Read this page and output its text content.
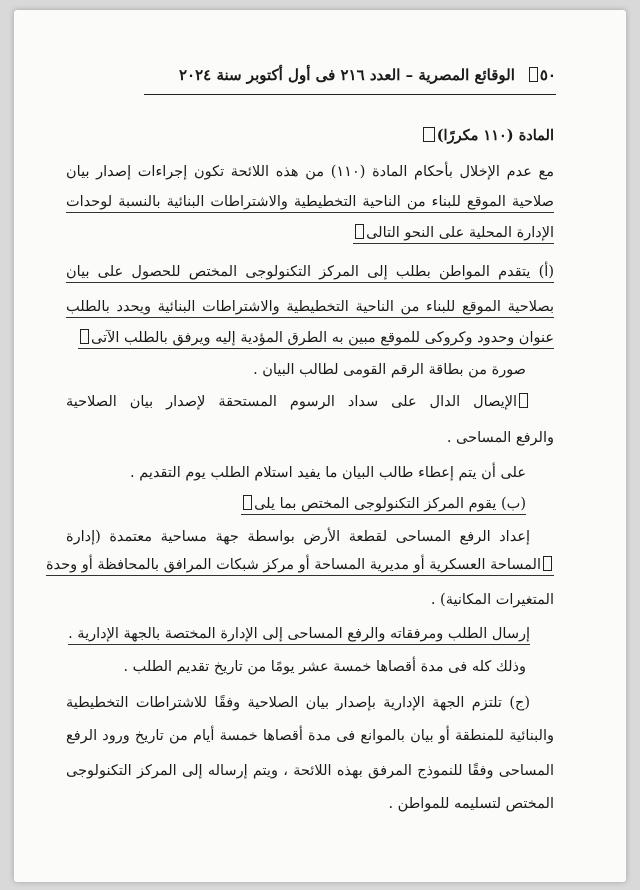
٥٠
الوقائع المصرية – العدد ٢١٦ فى أول أكتوبر سنة ٢٠٢٤
المادة (١١٠ مكررًا)
مع عدم الإخلال بأحكام المادة (١١٠) من هذه اللائحة تكون إجراءات إصدار بيان
صلاحية الموقع للبناء من الناحية التخطيطية والاشتراطات البنائية بالنسبة لوحدات
الإدارة المحلية على النحو التالى
(أ) يتقدم المواطن بطلب إلى المركز التكنولوجى المختص للحصول على بيان
بصلاحية الموقع للبناء من الناحية التخطيطية والاشتراطات البنائية ويحدد بالطلب
عنوان وحدود وكروكى للموقع مبين به الطرق المؤدية إليه ويرفق بالطلب الآتى
صورة من بطاقة الرقم القومى لطالب البيان .
الإيصال الدال على سداد الرسوم المستحقة لإصدار بيان الصلاحية
والرفع المساحى .
على أن يتم إعطاء طالب البيان ما يفيد استلام الطلب يوم التقديم .
(ب) يقوم المركز التكنولوجى المختص بما يلى
إعداد الرفع المساحى لقطعة الأرض بواسطة جهة مساحية معتمدة (إدارة
المساحة العسكرية أو مديرية المساحة أو مركز شبكات المرافق بالمحافظة أو وحدة
المتغيرات المكانية) .
إرسال الطلب ومرفقاته والرفع المساحى إلى الإدارة المختصة بالجهة الإدارية .
وذلك كله فى مدة أقصاها خمسة عشر يومًا من تاريخ تقديم الطلب .
(ج) تلتزم الجهة الإدارية بإصدار بيان الصلاحية وفقًا للاشتراطات التخطيطية
والبنائية للمنطقة أو بيان بالموانع فى مدة أقصاها خمسة أيام من تاريخ ورود الرفع
المساحى وفقًا للنموذج المرفق بهذه اللائحة ، ويتم إرساله إلى المركز التكنولوجى
المختص لتسليمه للمواطن .
